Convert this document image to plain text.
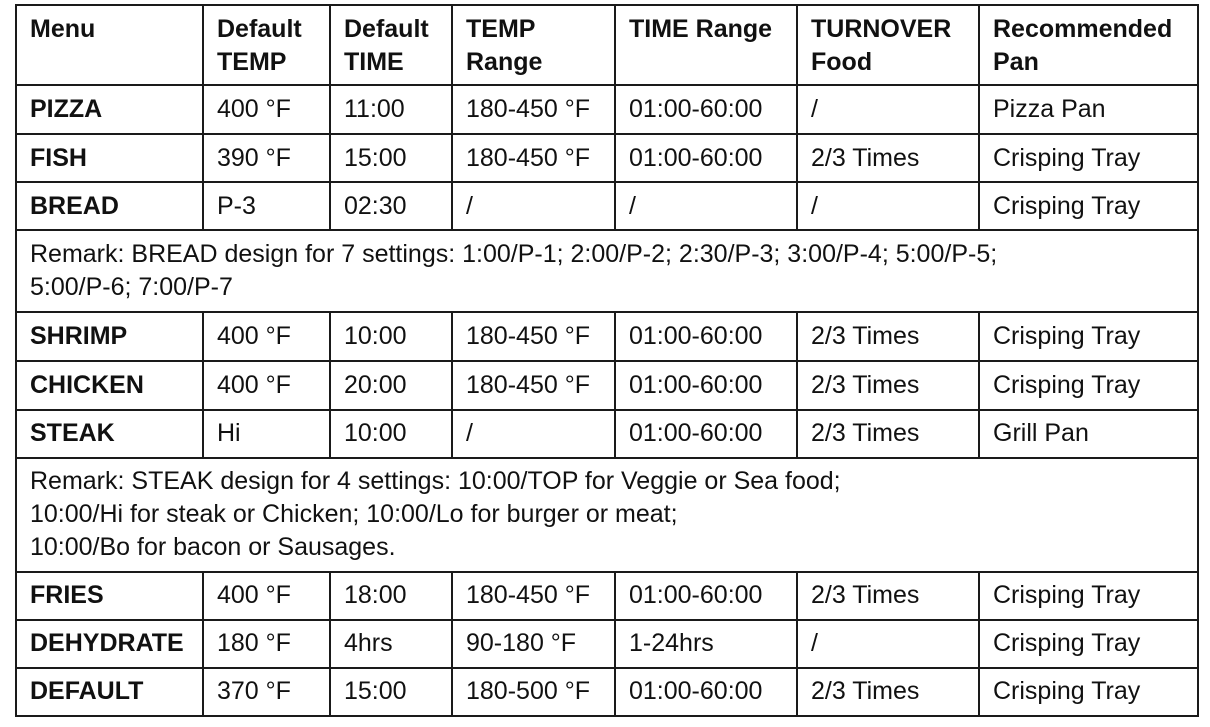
Menu	Default TEMP	Default TIME	TEMP Range	TIME Range	TURNOVER Food	Recommended Pan
PIZZA	400 °F	11:00	180-450 °F	01:00-60:00	/	Pizza Pan
FISH	390 °F	15:00	180-450 °F	01:00-60:00	2/3 Times	Crisping Tray
BREAD	P-3	02:30	/	/	/	Crisping Tray

Remark: BREAD design for 7 settings: 1:00/P-1; 2:00/P-2; 2:30/P-3; 3:00/P-4; 5:00/P-5;
5:00/P-6; 7:00/P-7						

SHRIMP	400 °F	10:00	180-450 °F	01:00-60:00	2/3 Times	Crisping Tray
CHICKEN	400 °F	20:00	180-450 °F	01:00-60:00	2/3 Times	Crisping Tray
STEAK	Hi	10:00	/	01:00-60:00	2/3 Times	Grill Pan

Remark: STEAK design for 4 settings: 10:00/TOP for Veggie or Sea food;
10:00/Hi for steak or Chicken; 10:00/Lo for burger or meat;
10:00/Bo for bacon or Sausages.						

FRIES	400 °F	18:00	180-450 °F	01:00-60:00	2/3 Times	Crisping Tray
DEHYDRATE	180 °F	4hrs	90-180 °F	1-24hrs	/	Crisping Tray
DEFAULT	370 °F	15:00	180-500 °F	01:00-60:00	2/3 Times	Crisping Tray
